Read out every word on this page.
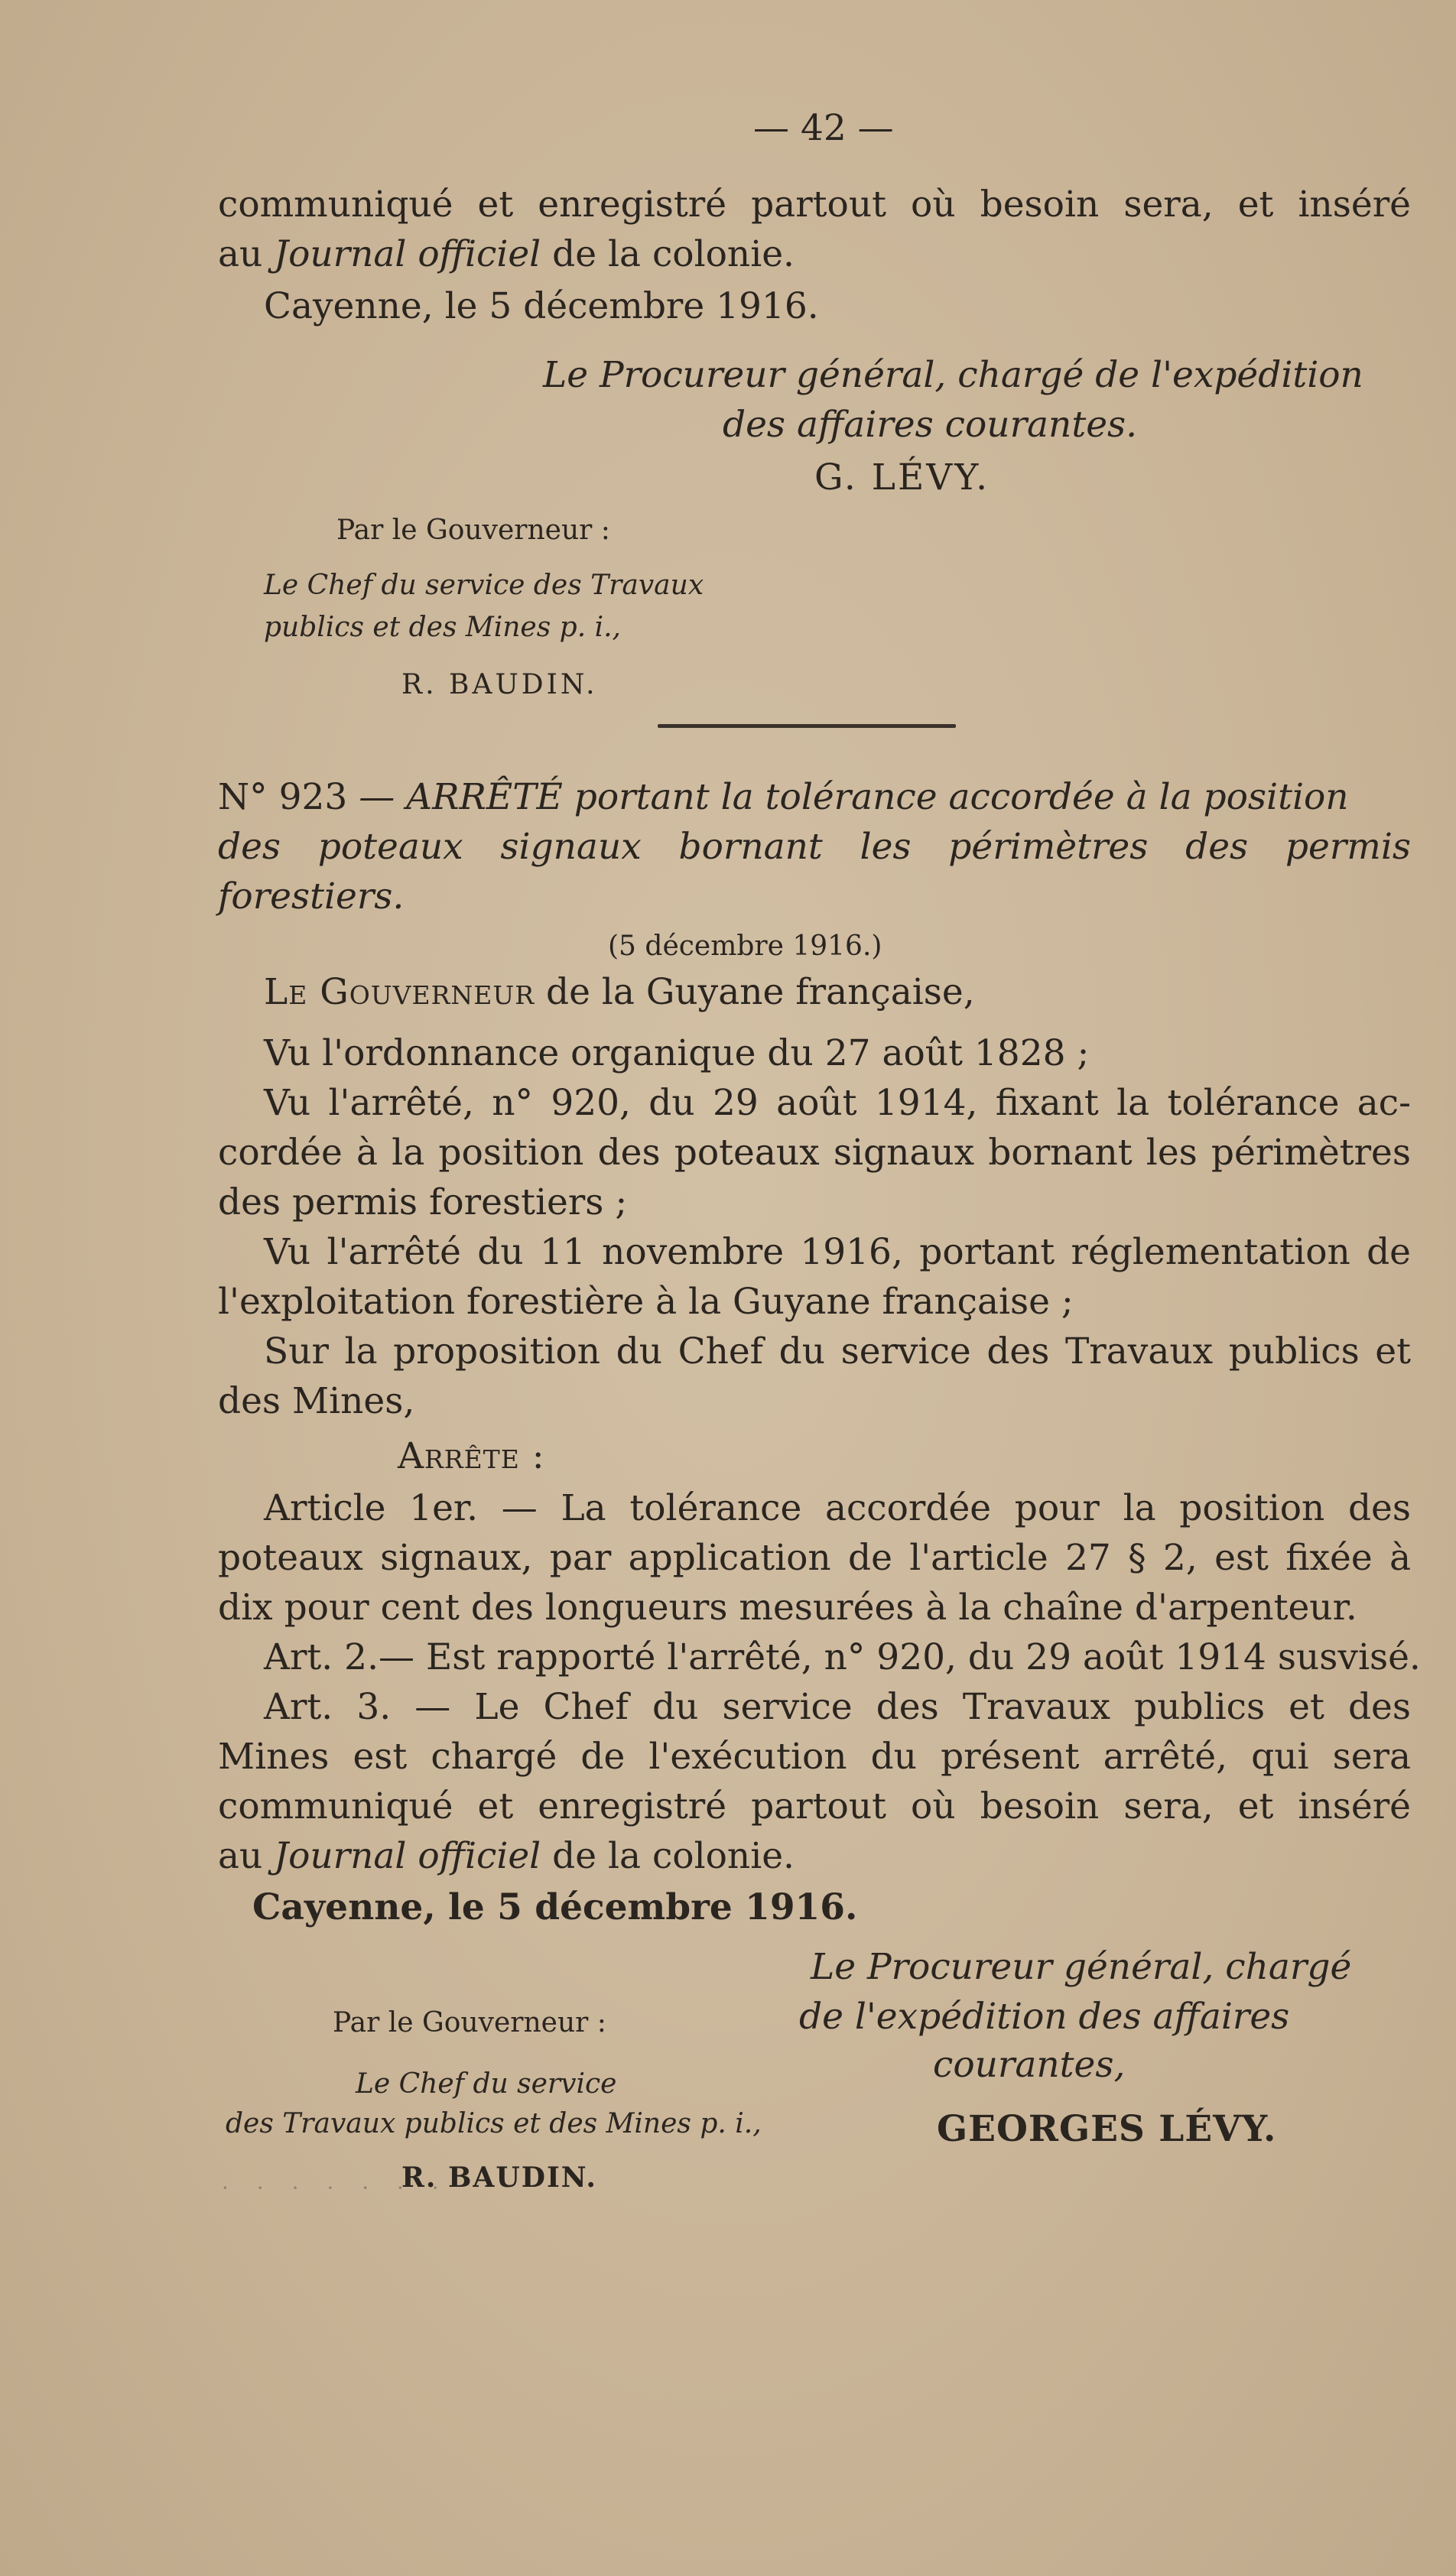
— 42 —
communiqué et enregistré partout où besoin sera, et inséré
au Journal officiel de la colonie.
Cayenne, le 5 décembre 1916.
Le Procureur général, chargé de l'expédition
des affaires courantes.
G. LÉVY.
Par le Gouverneur :
Le Chef du service des Travaux
publics et des Mines p. i.,
R. BAUDIN.
N° 923 — ARRÊTÉ portant la tolérance accordée à la position
des poteaux signaux bornant les périmètres des permis
forestiers.
(5 décembre 1916.)
Le Gouverneur de la Guyane française,
Vu l'ordonnance organique du 27 août 1828 ;
Vu l'arrêté, n° 920, du 29 août 1914, fixant la tolérance ac-
cordée à la position des poteaux signaux bornant les périmètres
des permis forestiers ;
Vu l'arrêté du 11 novembre 1916, portant réglementation de
l'exploitation forestière à la Guyane française ;
Sur la proposition du Chef du service des Travaux publics et
des Mines,
Arrête :
Article 1er. — La tolérance accordée pour la position des
poteaux signaux, par application de l'article 27 § 2, est fixée à
dix pour cent des longueurs mesurées à la chaîne d'arpenteur.
Art. 2.— Est rapporté l'arrêté, n° 920, du 29 août 1914 susvisé.
Art. 3. — Le Chef du service des Travaux publics et des
Mines est chargé de l'exécution du présent arrêté, qui sera
communiqué et enregistré partout où besoin sera, et inséré
au Journal officiel de la colonie.
Cayenne, le 5 décembre 1916.
Le Procureur général, chargé
de l'expédition des affaires
courantes,
GEORGES LÉVY.
Par le Gouverneur :
Le Chef du service
des Travaux publics et des Mines p. i.,
R. BAUDIN.
· · · · · · ·
